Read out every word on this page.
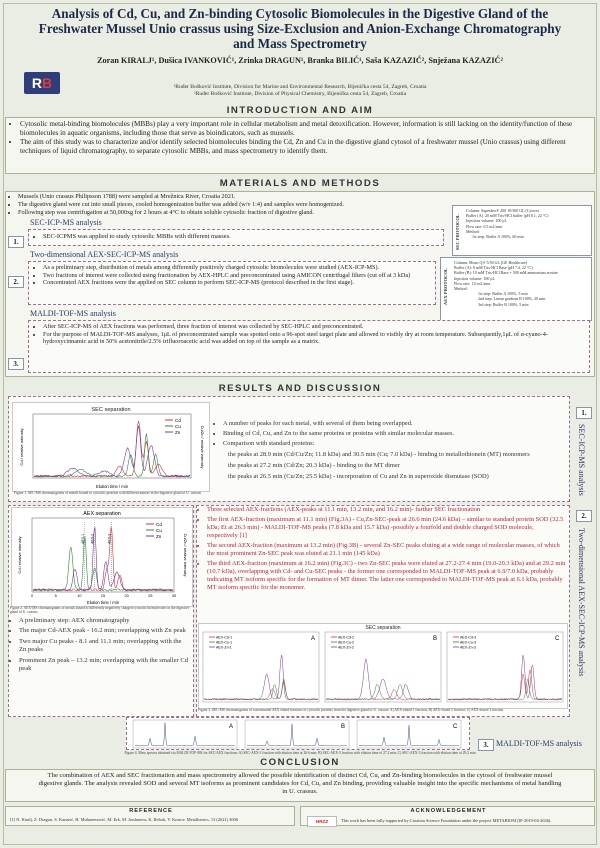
Analysis of Cd, Cu, and Zn-binding Cytosolic Biomolecules in the Digestive Gland of the Freshwater Mussel Unio crassus using Size-Exclusion and Anion-Exchange Chromatography and Mass Spectrometry
Zoran KIRALJ¹, Dušica IVANKOVIĆ¹, Zrinka DRAGUN¹, Branka BILIĆ¹, Saša KAZAZIĆ², Snježana KAZAZIĆ²
RB	¹Ruđer Bošković Institute, Division for Marine and Environmental Research, Bijenička cesta 54, Zagreb, Croatia
²Ruđer Bošković Institute, Division of Physical Chemistry, Bijenička cesta 54, Zagreb, Croatia
INTRODUCTION AND AIM
• Cytosolic metal-binding biomolecules (MBBs) play a very important role in cellular metabolism and metal detoxification. However, information is still lacking on the identity/function of these biomolecules in aquatic organisms, including those that serve as bioindicators, such as mussels.
• The aim of this study was to characterize and/or identify selected biomolecules binding the Cd, Zn and Cu in the digestive gland cytosol of a freshwater mussel (Unio crassus) using different techniques of liquid chromatography, to separate cytosolic MBBs, and mass spectrometry to identify them.
MATERIALS AND METHODS
• Mussels (Unio crassus Philipsson 1788) were sampled at Mrežnica River, Croatia 2021.
• The digestive gland were cut into small pieces, cooled homogenization buffer was added (w/v 1:4) and samples were homogenized.
• Following step was centrifugation at 50,000xg for 2 hours at 4°C to obtain soluble cytosolic fraction of digestive gland.
SEC-ICP-MS analysis
1.
• SEC-ICPMS was applied to study cytosolic MBBs with different masses.	SEC PROTOCOL
Column: Superdex® 200 10/300 GL (Cytiva)
Buffer (A): 20 mM Tris-HCl buffer (pH 8.1, 22 °C)
Injection volume: 100 μL
Flow rate: 0.5 mL/min
Method:
1st step: Buffer A 100%, 60 min
Two-dimensional AEX-SEC-ICP-MS analysis
2.
• As a preliminary step, distribution of metals among differently positively charged cytosolic biomolecules were studied (AEX-ICP-MS).
• Two fractions of interest were collected using fractionation by AEX-HPLC and preconcentrated using AMICON centrifugal filters (cut off at 3 kDa)
• Concentrated AEX fractions were the applied on SEC column to perform SEC-ICP-MS (protocol described in the first stage).	AEX PROTOCOL
Column: Mono Q® 5/50 GL (GE Healthcare)
Buffer (A): 6 mM Tris-HCl Base (pH 7.4, 22 °C)
Buffer (B): 10 mM Tris-HCl Base + 500 mM ammonium acetate
Injection volume: 100 μL
Flow rate: 1.0 mL/min
Method:
1st step: Buffer A 100%, 5 min
2nd step: Linear gradient B 100%, 20 min
3rd step: Buffer B 100%, 5 min
MALDI-TOF-MS analysis
3.
• After SEC-ICP-MS of AEX fractions was performed, three fraction of interest was collected by SEC-HPLC and preconcentrated.
• For the purpose of MALDI-TOF-MS analyses, 1μL of preconcentrated sample was spotted onto a 96-spot steel target plate and allowed to visibly dry at room temperature. Subsequently,1μL of α-cyano-4-hydroxycinnamic acid in 50% acetonitrile/2.5% trifluoroacetic acid was added on top of the sample as a matrix.
RESULTS AND DISCUSSION
SEC separation
Cd
Cu
Zn
Elution time / min
Cd / relative intensity	Cu/Zn / relative intensity
Figure 1. SEC-MS chromatograms of metals bound to cytosolic proteins with different masses in the digestive gland of U. crassus
• A number of peaks for each metal, with several of them being overlapped.
• Binding of Cd, Cu, and Zn to the same proteins or proteins with similar molecular masses.
• Comparison with standard proteins:
the peaks at 28.9 min (Cd/Cu/Zn; 11.8 kDa) and 30.5 min (Cu; 7.0 kDa) - binding to metallothionein (MT) monomers
the peaks at 27.2 min (Cd/Zn; 20.3 kDa) - binding to the MT dimer
the peaks at 26.5 min (Cu/Zn; 25.5 kDa) - incorporation of Cu and Zn in superoxide dismutase (SOD)
1.
SEC-ICP-MS analysis
AEX separation
0	5	10	15	20	25	30
AEX-1 AEX-2	AEX-3
Cd
Cu
Zn
Elution time / min
Cd / relative intensity	Cu/Zn / relative intensity
Figure 2. AEX-MS chromatograms of metals bound to differently negatively charged cytosolic biomolecules in the digestive gland of U. crassus
• A preliminary step: AEX chromatography
• The major Cd-AEX peak - 16.2 min; overlapping with Zn peak
• Two major Cu peaks - 8.1 and 11.1 min; overlapping with the Zn peaks
• Prominent Zn peak – 13.2 min; overlapping with the smaller Cd peak
• Three selected AEX-fractions (AEX-peaks at 11.1 min, 13.2 min, and 16.2 min)- further SEC fractionation
• The first AEX-fraction (maximum at 11.1 min) (Fig.3A) - Cu,Zn-SEC-peak at 26.6 min (24.6 kDa) – similar to standard protein SOD (32.5 kDa; Et at 26.3 min) - MALDI-TOF-MS peaks (7.8 kDa and 15.7 kDa) -possibly a fourfold and double charged SOD molecule, respectively [1]
• The second AEX-fraction (maximum at 13.2 min) (Fig.3B) - several Zn-SEC peaks eluting at a wide range of molecular masses, of which the most prominent Zn-SEC peak was eluted at 21.1 min (145 kDa)
• The third AEX-fraction (maximum at 16.2 min) (Fig.3C) - two Zn-SEC peaks were eluted at 27.2-27.4 min (19.0-20.3 kDa) and at 29.2 min (10.7 kDa), overlapping with Cd- and Cu-SEC peaks - the former one corresponded to MALDI-TOF-MS peak at 6.9/7.0 kDa, probably indicating MT isoform specific for the formation of MT dimer. The latter one corresponded to MALDI-TOF-MS peak at 6.1 kDa, probably MT isoform specific for the monomer.
SEC separation
A
AEX-Cd-1
AEX-Cu-1
AEX-Zn-1
B
AEX-Cd-2
AEX-Cu-2
AEX-Zn-2
C
AEX-Cd-3
AEX-Cu-3
AEX-Zn-3
Figure 3. SEC-MS chromatograms of concentrated AEX eluted fractions of cytosolic proteins from the digestive gland of U. crassus: A) AEX-eluted 1 fraction; B) AEX-eluted 2 fraction; C) AEX-eluted 3 fraction
2.
Two-dimensional AEX-SEC-ICP-MS analysis
A	B	C
Figure 4. Mass spectra obtained via MALDI-TOF-MS for SEC/AEX fractions: A) SEC-AEX-1 fraction with elution time at 26.6 min; B) SEC-AEX-3 fraction with elution time of 27.2 min; C) SEC-AEX-3 fraction with elution time of 29.2 min
3. MALDI-TOF-MS analysis
CONCLUSION
The combination of AEX and SEC fractionation and mass spectrometry allowed the possible identification of distinct Cd, Cu, and Zn-binding biomolecules in the cytosol of freshwater mussel digestive glands. The analysis revealed SOD and several MT isoforms as prominent candidates for Cd, Cu, and Zn binding, providing valuable insight into the specific mechanisms of metal handling in U. crassus.
REFERENCE
[1] N. Kiralj, Z. Dragun, S. Kazazić, H. Muharemović, M. Erk, M. Jordanova, K. Rebok, V. Kostov. Metallomics. 13 (2021) 3006
ACKNOWLEDGEMENT
HRZZ	This work has been fully supported by Croatian Science Foundation under the project METABIOM (IP-2019-04-2636).
